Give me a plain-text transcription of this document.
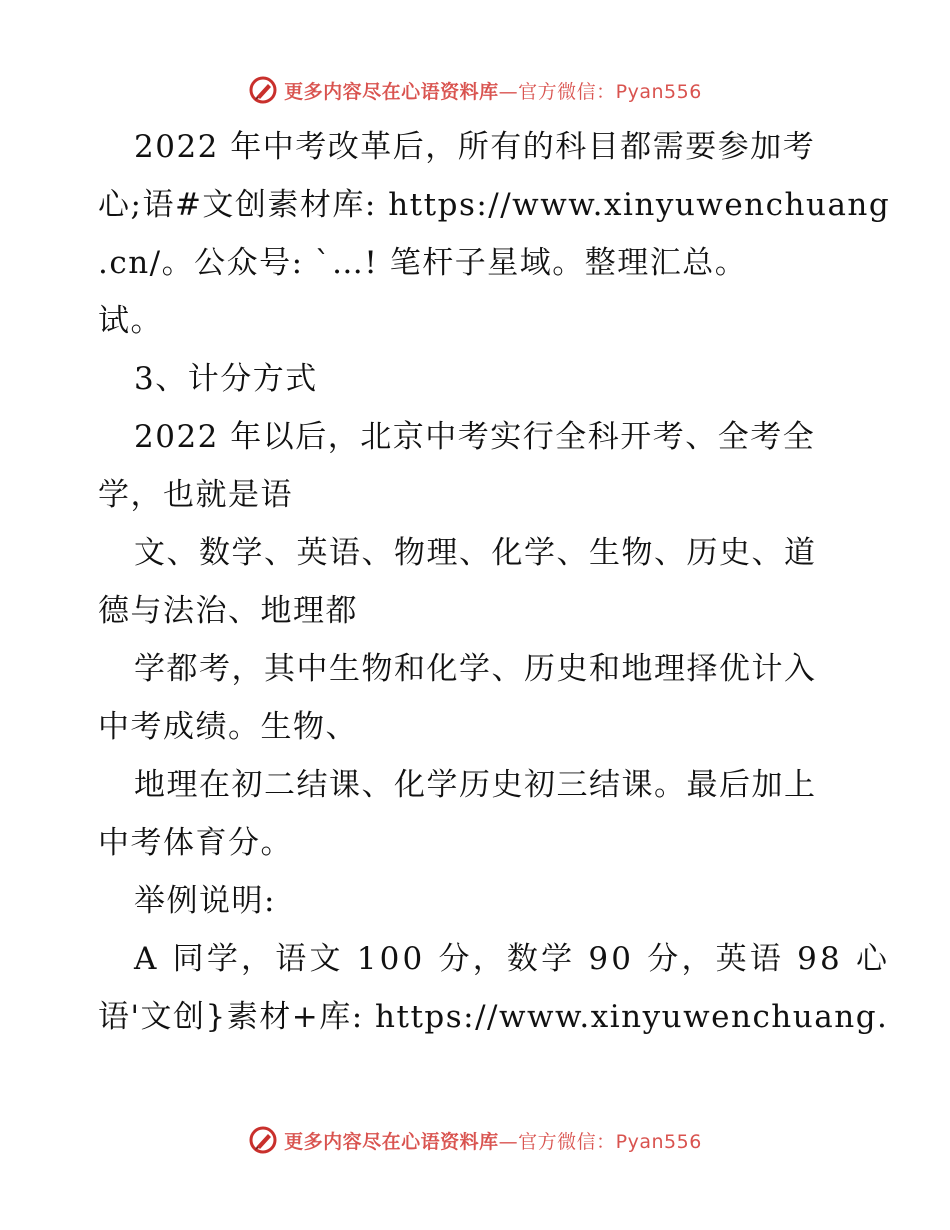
更多内容尽在心语资料库—官方微信：Pyan556
2022 年中考改革后，所有的科目都需要参加考
心;语#文创素材库: https://www.xinyuwenchuang
.cn/。公众号: `…! 笔杆子星域。整理汇总。
试。
3、计分方式
2022 年以后，北京中考实行全科开考、全考全
学，也就是语
文、数学、英语、物理、化学、生物、历史、道
德与法治、地理都
学都考，其中生物和化学、历史和地理择优计入
中考成绩。生物、
地理在初二结课、化学历史初三结课。最后加上
中考体育分。
举例说明:
A 同学，语文 100 分，数学 90 分，英语 98 心
语'文创}素材+库: https://www.xinyuwenchuang.
更多内容尽在心语资料库—官方微信：Pyan556
